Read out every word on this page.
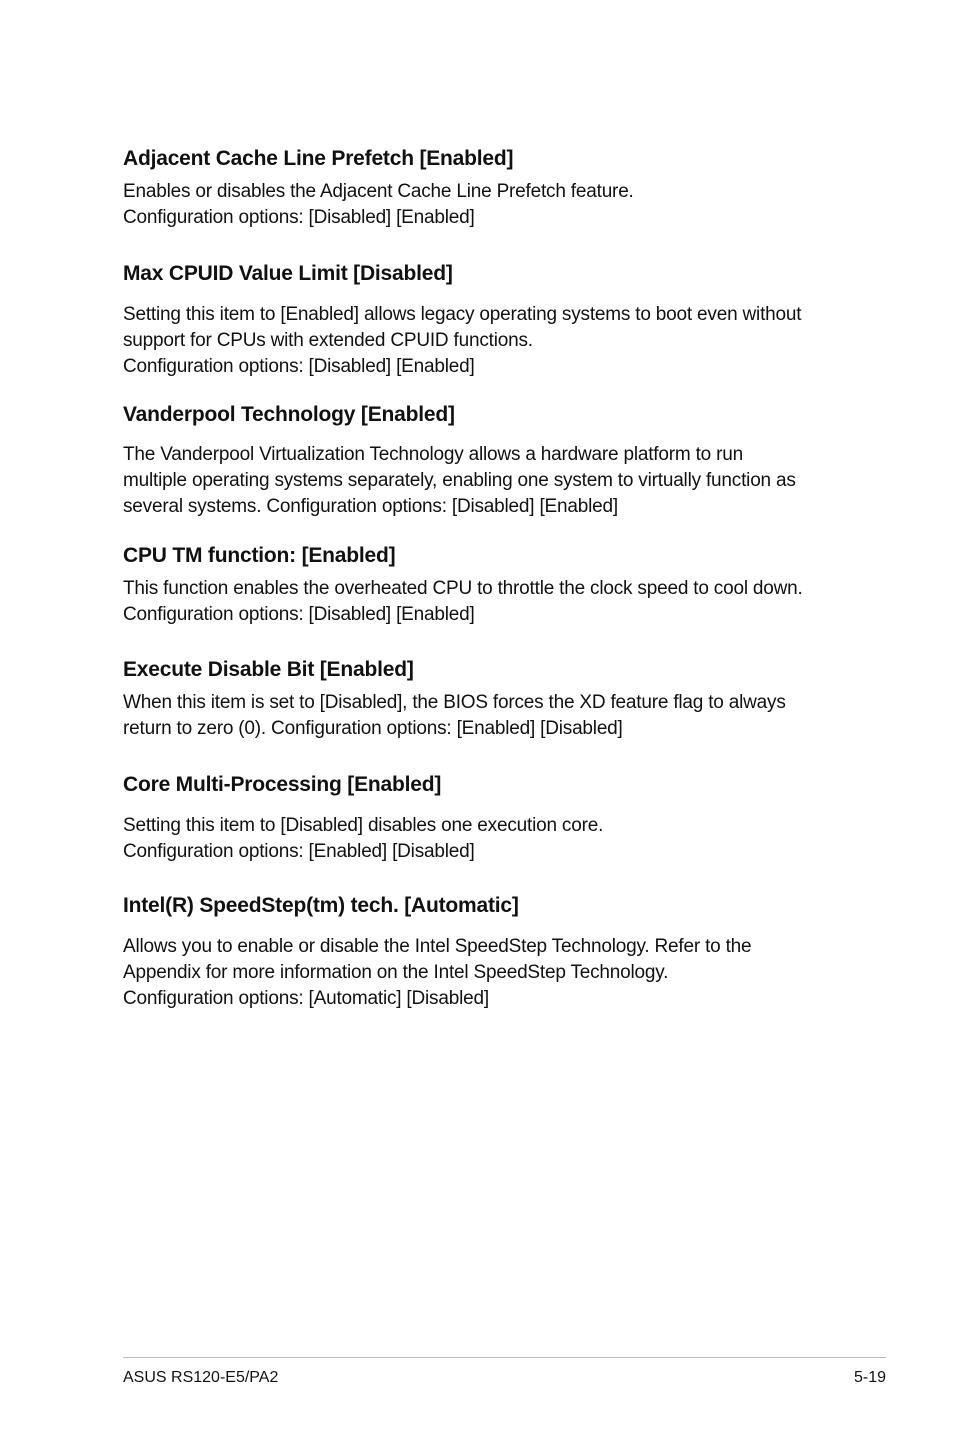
Adjacent Cache Line Prefetch [Enabled]

Enables or disables the Adjacent Cache Line Prefetch feature.

Configuration options: [Disabled] [Enabled]

Max CPUID Value Limit [Disabled]

Setting this item to [Enabled] allows legacy operating systems to boot even without

support for CPUs with extended CPUID functions.

Configuration options: [Disabled] [Enabled]

Vanderpool Technology [Enabled]

The Vanderpool Virtualization Technology allows a hardware platform to run

multiple operating systems separately, enabling one system to virtually function as

several systems. Configuration options: [Disabled] [Enabled]

CPU TM function: [Enabled]

This function enables the overheated CPU to throttle the clock speed to cool down.

Configuration options: [Disabled] [Enabled]

Execute Disable Bit [Enabled]

When this item is set to [Disabled], the BIOS forces the XD feature flag to always

return to zero (0). Configuration options: [Enabled] [Disabled]

Core Multi-Processing [Enabled]

Setting this item to [Disabled] disables one execution core.

Configuration options: [Enabled] [Disabled]

Intel(R) SpeedStep(tm) tech. [Automatic]

Allows you to enable or disable the Intel SpeedStep Technology. Refer to the

Appendix for more information on the Intel SpeedStep Technology.

Configuration options: [Automatic] [Disabled]

ASUS RS120-E5/PA2	5-19
